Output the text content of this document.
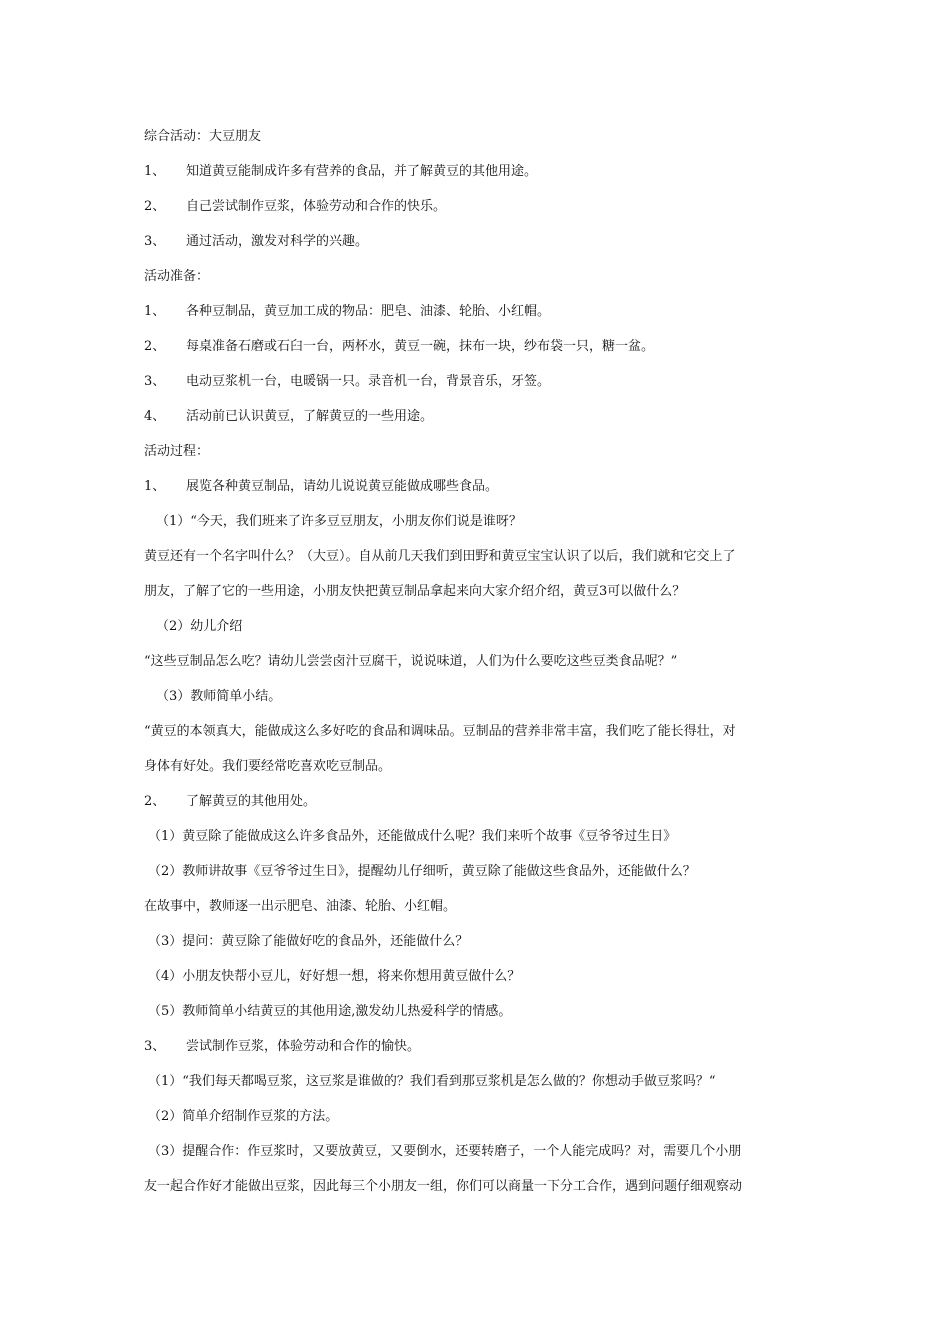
综合活动：大豆朋友
1、 知道黄豆能制成许多有营养的食品，并了解黄豆的其他用途。
2、 自己尝试制作豆浆，体验劳动和合作的快乐。
3、 通过活动，激发对科学的兴趣。
活动准备：
1、 各种豆制品，黄豆加工成的物品：肥皂、油漆、轮胎、小红帽。
2、 每桌准备石磨或石臼一台，两杯水，黄豆一碗，抹布一块，纱布袋一只，糖一盆。
3、 电动豆浆机一台，电暖锅一只。录音机一台，背景音乐，牙签。
4、 活动前已认识黄豆，了解黄豆的一些用途。
活动过程：
1、 展览各种黄豆制品，请幼儿说说黄豆能做成哪些食品。
（1）“今天，我们班来了许多豆豆朋友，小朋友你们说是谁呀？
黄豆还有一个名字叫什么？（大豆）。自从前几天我们到田野和黄豆宝宝认识了以后，我们就和它交上了
朋友，了解了它的一些用途，小朋友快把黄豆制品拿起来向大家介绍介绍，黄豆3可以做什么？
（2）幼儿介绍
“这些豆制品怎么吃？请幼儿尝尝卤汁豆腐干，说说味道，人们为什么要吃这些豆类食品呢？”
（3）教师简单小结。
“黄豆的本领真大，能做成这么多好吃的食品和调味品。豆制品的营养非常丰富，我们吃了能长得壮，对
身体有好处。我们要经常吃喜欢吃豆制品。
2、 了解黄豆的其他用处。
（1）黄豆除了能做成这么许多食品外，还能做成什么呢？我们来听个故事《豆爷爷过生日》
（2）教师讲故事《豆爷爷过生日》，提醒幼儿仔细听，黄豆除了能做这些食品外，还能做什么？
在故事中，教师逐一出示肥皂、油漆、轮胎、小红帽。
（3）提问：黄豆除了能做好吃的食品外，还能做什么？
（4）小朋友快帮小豆儿，好好想一想，将来你想用黄豆做什么？
（5）教师简单小结黄豆的其他用途,激发幼儿热爱科学的情感。
3、 尝试制作豆浆，体验劳动和合作的愉快。
（1）“我们每天都喝豆浆，这豆浆是谁做的？我们看到那豆浆机是怎么做的？你想动手做豆浆吗？“
（2）简单介绍制作豆浆的方法。
（3）提醒合作：作豆浆时，又要放黄豆，又要倒水，还要转磨子，一个人能完成吗？对，需要几个小朋
友一起合作好才能做出豆浆，因此每三个小朋友一组，你们可以商量一下分工合作，遇到问题仔细观察动
